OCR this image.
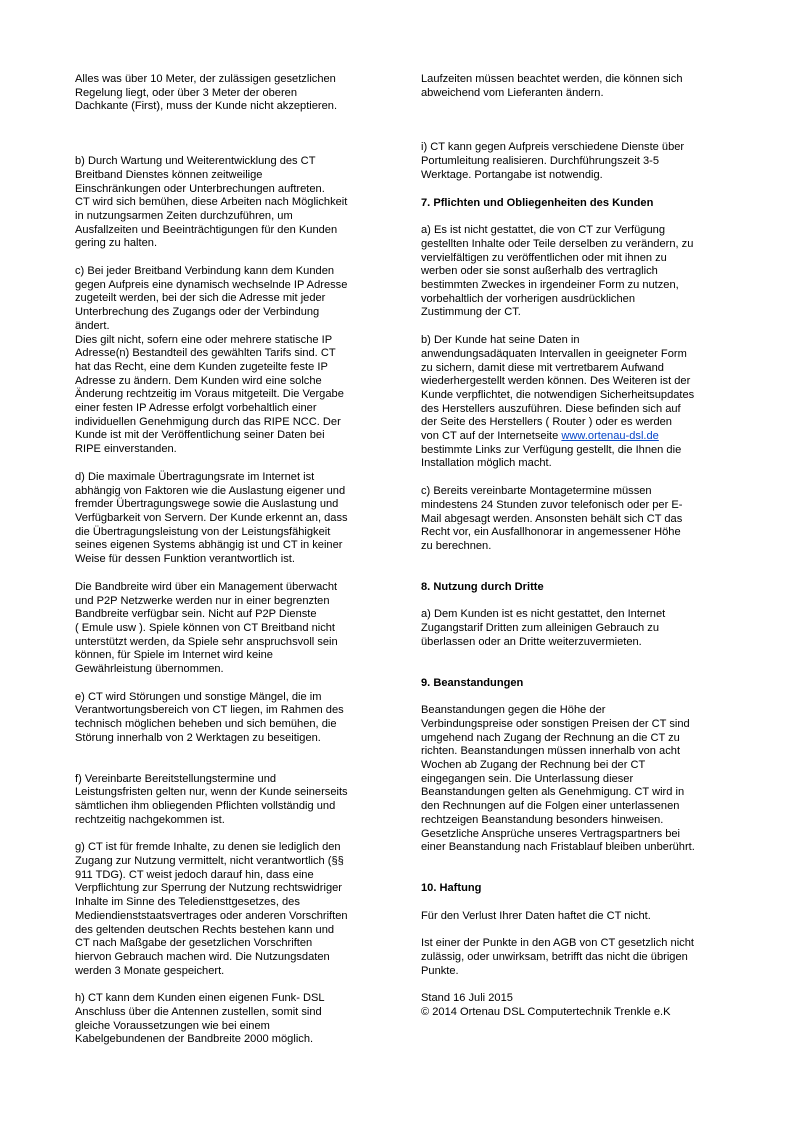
Alles was über 10 Meter, der zulässigen gesetzlichen
Regelung liegt, oder über 3 Meter der oberen
Dachkante (First), muss der Kunde nicht akzeptieren.

b) Durch Wartung und Weiterentwicklung des CT
Breitband Dienstes können zeitweilige
Einschränkungen oder Unterbrechungen auftreten.
CT wird sich bemühen, diese Arbeiten nach Möglichkeit
in nutzungsarmen Zeiten durchzuführen, um
Ausfallzeiten und Beeinträchtigungen für den Kunden
gering zu halten.

c) Bei jeder Breitband Verbindung kann dem Kunden
gegen Aufpreis eine dynamisch wechselnde IP Adresse
zugeteilt werden, bei der sich die Adresse mit jeder
Unterbrechung des Zugangs oder der Verbindung
ändert.
Dies gilt nicht, sofern eine oder mehrere statische IP
Adresse(n) Bestandteil des gewählten Tarifs sind. CT
hat das Recht, eine dem Kunden zugeteilte feste IP
Adresse zu ändern. Dem Kunden wird eine solche
Änderung rechtzeitig im Voraus mitgeteilt. Die Vergabe
einer festen IP Adresse erfolgt vorbehaltlich einer
individuellen Genehmigung durch das RIPE NCC. Der
Kunde ist mit der Veröffentlichung seiner Daten bei
RIPE einverstanden.

d) Die maximale Übertragungsrate im Internet ist
abhängig von Faktoren wie die Auslastung eigener und
fremder Übertragungswege sowie die Auslastung und
Verfügbarkeit von Servern. Der Kunde erkennt an, dass
die Übertragungsleistung von der Leistungsfähigkeit
seines eigenen Systems abhängig ist und CT in keiner
Weise für dessen Funktion verantwortlich ist.

Die Bandbreite wird über ein Management überwacht
und P2P Netzwerke werden nur in einer begrenzten
Bandbreite verfügbar sein. Nicht auf P2P Dienste
( Emule usw ). Spiele können von CT Breitband nicht
unterstützt werden, da Spiele sehr anspruchsvoll sein
können, für Spiele im Internet wird keine
Gewährleistung übernommen.

e) CT wird Störungen und sonstige Mängel, die im
Verantwortungsbereich von CT liegen, im Rahmen des
technisch möglichen beheben und sich bemühen, die
Störung innerhalb von 2 Werktagen zu beseitigen.

f) Vereinbarte Bereitstellungstermine und
Leistungsfristen gelten nur, wenn der Kunde seinerseits
sämtlichen ihm obliegenden Pflichten vollständig und
rechtzeitig nachgekommen ist.

g) CT ist für fremde Inhalte, zu denen sie lediglich den
Zugang zur Nutzung vermittelt, nicht verantwortlich (§§
911 TDG). CT weist jedoch darauf hin, dass eine
Verpflichtung zur Sperrung der Nutzung rechtswidriger
Inhalte im Sinne des Telediensttgesetzes, des
Mediendienststaatsvertrages oder anderen Vorschriften
des geltenden deutschen Rechts bestehen kann und
CT nach Maßgabe der gesetzlichen Vorschriften
hiervon Gebrauch machen wird. Die Nutzungsdaten
werden 3 Monate gespeichert.

h) CT kann dem Kunden einen eigenen Funk- DSL
Anschluss über die Antennen zustellen, somit sind
gleiche Voraussetzungen wie bei einem
Kabelgebundenen der Bandbreite 2000 möglich.

Laufzeiten müssen beachtet werden, die können sich
abweichend vom Lieferanten ändern.

i) CT kann gegen Aufpreis verschiedene Dienste über
Portumleitung realisieren. Durchführungszeit 3-5
Werktage. Portangabe ist notwendig.

7. Pflichten und Obliegenheiten des Kunden

a) Es ist nicht gestattet, die von CT zur Verfügung
gestellten Inhalte oder Teile derselben zu verändern, zu
vervielfältigen zu veröffentlichen oder mit ihnen zu
werben oder sie sonst außerhalb des vertraglich
bestimmten Zweckes in irgendeiner Form zu nutzen,
vorbehaltlich der vorherigen ausdrücklichen
Zustimmung der CT.

b) Der Kunde hat seine Daten in
anwendungsadäquaten Intervallen in geeigneter Form
zu sichern, damit diese mit vertretbarem Aufwand
wiederhergestellt werden können. Des Weiteren ist der
Kunde verpflichtet, die notwendigen Sicherheitsupdates
des Herstellers auszuführen. Diese befinden sich auf
der Seite des Herstellers ( Router ) oder es werden
von CT auf der Internetseite www.ortenau-dsl.de
bestimmte Links zur Verfügung gestellt, die Ihnen die
Installation möglich macht.

c) Bereits vereinbarte Montagetermine müssen
mindestens 24 Stunden zuvor telefonisch oder per E-
Mail abgesagt werden. Ansonsten behält sich CT das
Recht vor, ein Ausfallhonorar in angemessener Höhe
zu berechnen.

8. Nutzung durch Dritte

a) Dem Kunden ist es nicht gestattet, den Internet
Zugangstarif Dritten zum alleinigen Gebrauch zu
überlassen oder an Dritte weiterzuvermieten.

9. Beanstandungen

Beanstandungen gegen die Höhe der
Verbindungspreise oder sonstigen Preisen der CT sind
umgehend nach Zugang der Rechnung an die CT zu
richten. Beanstandungen müssen innerhalb von acht
Wochen ab Zugang der Rechnung bei der CT
eingegangen sein. Die Unterlassung dieser
Beanstandungen gelten als Genehmigung. CT wird in
den Rechnungen auf die Folgen einer unterlassenen
rechtzeigen Beanstandung besonders hinweisen.
Gesetzliche Ansprüche unseres Vertragspartners bei
einer Beanstandung nach Fristablauf bleiben unberührt.

10. Haftung

Für den Verlust Ihrer Daten haftet die CT nicht.

Ist einer der Punkte in den AGB von CT gesetzlich nicht
zulässig, oder unwirksam, betrifft das nicht die übrigen
Punkte.

Stand 16 Juli 2015
© 2014 Ortenau DSL Computertechnik Trenkle e.K
